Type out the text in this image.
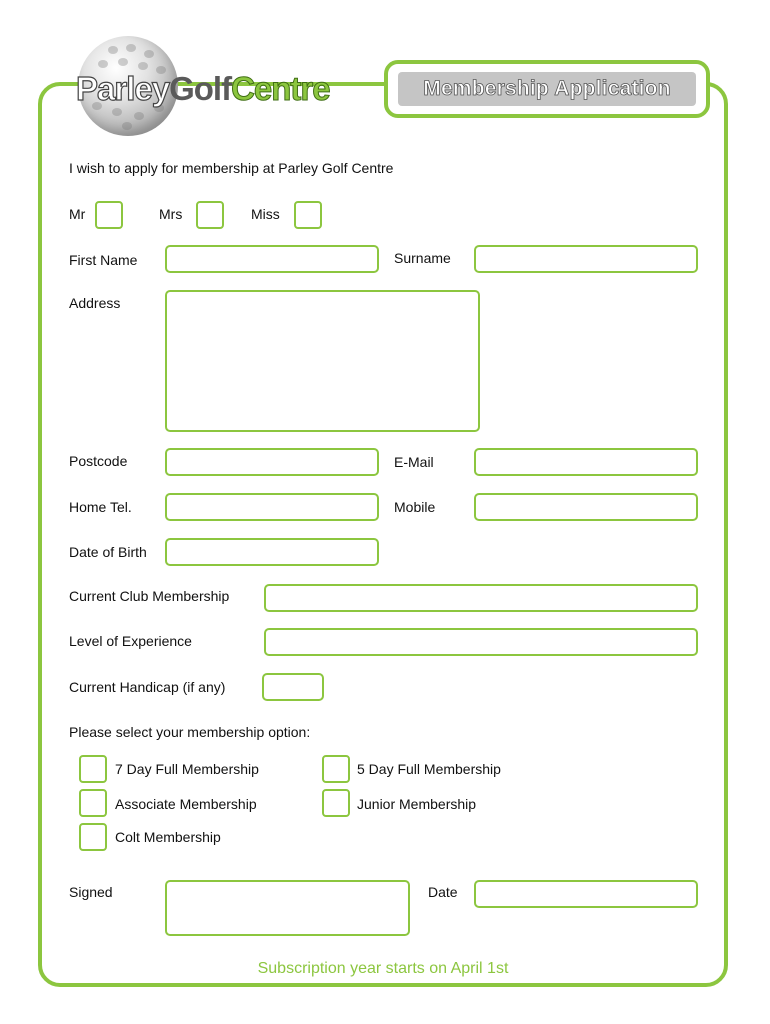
ParleyGolfCentre	Membership Application
I wish to apply for membership at Parley Golf Centre
Mr	Mrs	Miss
First Name	Surname
Address
Postcode	E-Mail
Home Tel.	Mobile
Date of Birth
Current Club Membership
Level of Experience
Current Handicap (if any)
Please select your membership option:
7 Day Full Membership	5 Day Full Membership
Associate Membership	Junior Membership
Colt Membership
Signed	Date
Subscription year starts on April 1st
